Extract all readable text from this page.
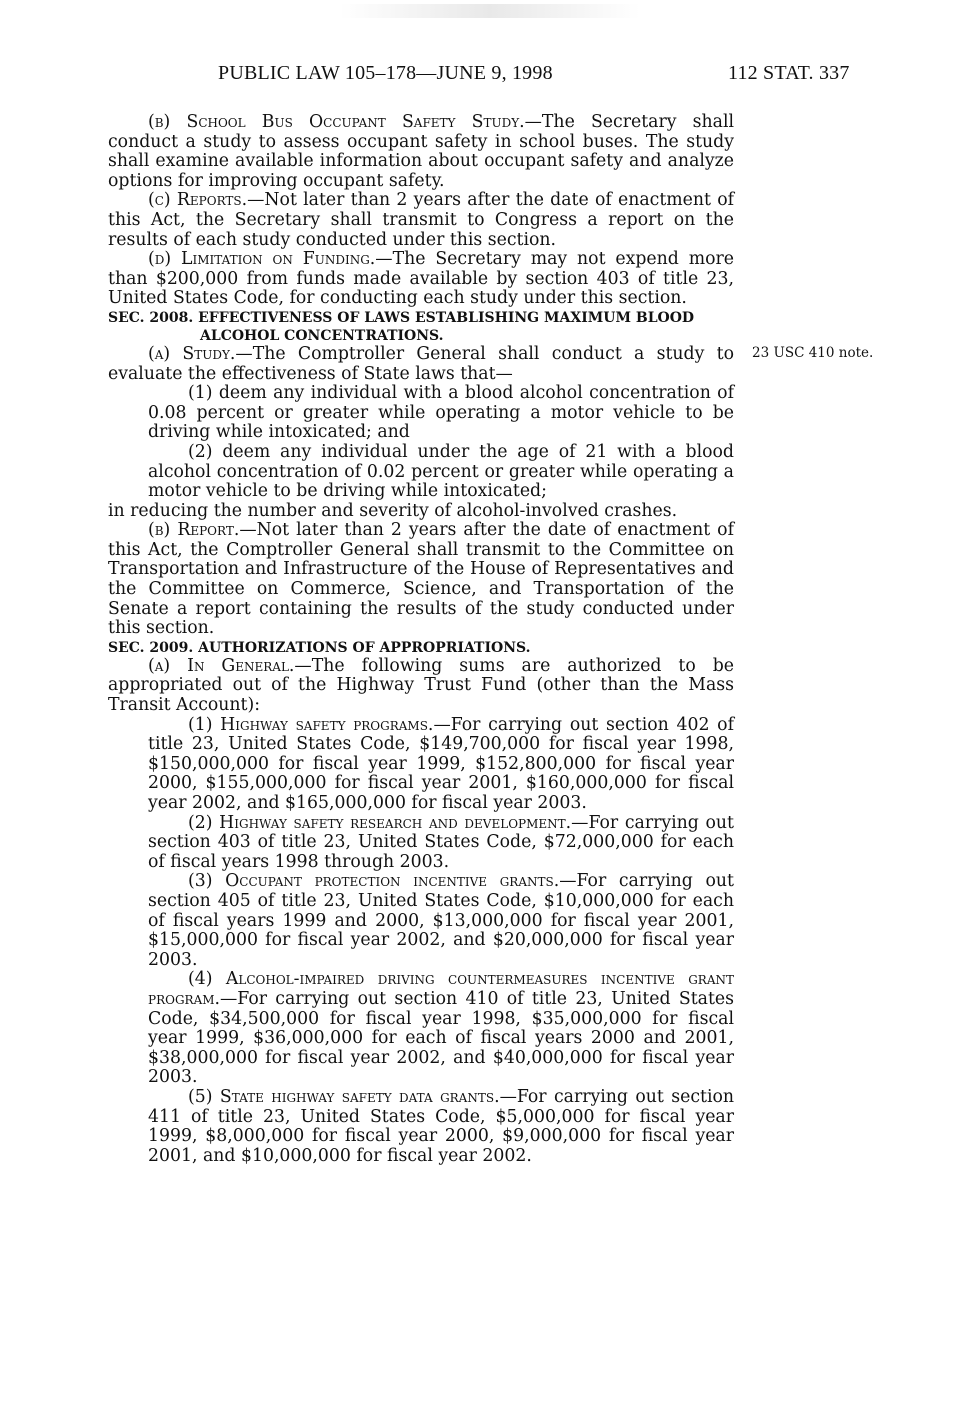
PUBLIC LAW 105–178—JUNE 9, 1998	112 STAT. 337
23 USC 410 note.

(b) School Bus Occupant Safety Study.—The Secretary shall conduct a study to assess occupant safety in school buses. The study shall examine available information about occupant safety and analyze options for improving occupant safety.

(c) Reports.—Not later than 2 years after the date of enactment of this Act, the Secretary shall transmit to Congress a report on the results of each study conducted under this section.

(d) Limitation on Funding.—The Secretary may not expend more than $200,000 from funds made available by section 403 of title 23, United States Code, for conducting each study under this section.

SEC. 2008. EFFECTIVENESS OF LAWS ESTABLISHING MAXIMUM BLOOD ALCOHOL CONCENTRATIONS.

(a) Study.—The Comptroller General shall conduct a study to evaluate the effectiveness of State laws that—

(1) deem any individual with a blood alcohol concentration of 0.08 percent or greater while operating a motor vehicle to be driving while intoxicated; and

(2) deem any individual under the age of 21 with a blood alcohol concentration of 0.02 percent or greater while operating a motor vehicle to be driving while intoxicated;

in reducing the number and severity of alcohol-involved crashes.

(b) Report.—Not later than 2 years after the date of enactment of this Act, the Comptroller General shall transmit to the Committee on Transportation and Infrastructure of the House of Representatives and the Committee on Commerce, Science, and Transportation of the Senate a report containing the results of the study conducted under this section.

SEC. 2009. AUTHORIZATIONS OF APPROPRIATIONS.

(a) In General.—The following sums are authorized to be appropriated out of the Highway Trust Fund (other than the Mass Transit Account):

(1) Highway safety programs.—For carrying out section 402 of title 23, United States Code, $149,700,000 for fiscal year 1998, $150,000,000 for fiscal year 1999, $152,800,000 for fiscal year 2000, $155,000,000 for fiscal year 2001, $160,000,000 for fiscal year 2002, and $165,000,000 for fiscal year 2003.

(2) Highway safety research and development.—For carrying out section 403 of title 23, United States Code, $72,000,000 for each of fiscal years 1998 through 2003.

(3) Occupant protection incentive grants.—For carrying out section 405 of title 23, United States Code, $10,000,000 for each of fiscal years 1999 and 2000, $13,000,000 for fiscal year 2001, $15,000,000 for fiscal year 2002, and $20,000,000 for fiscal year 2003.

(4) Alcohol-impaired driving countermeasures incentive grant program.—For carrying out section 410 of title 23, United States Code, $34,500,000 for fiscal year 1998, $35,000,000 for fiscal year 1999, $36,000,000 for each of fiscal years 2000 and 2001, $38,000,000 for fiscal year 2002, and $40,000,000 for fiscal year 2003.

(5) State highway safety data grants.—For carrying out section 411 of title 23, United States Code, $5,000,000 for fiscal year 1999, $8,000,000 for fiscal year 2000, $9,000,000 for fiscal year 2001, and $10,000,000 for fiscal year 2002.
